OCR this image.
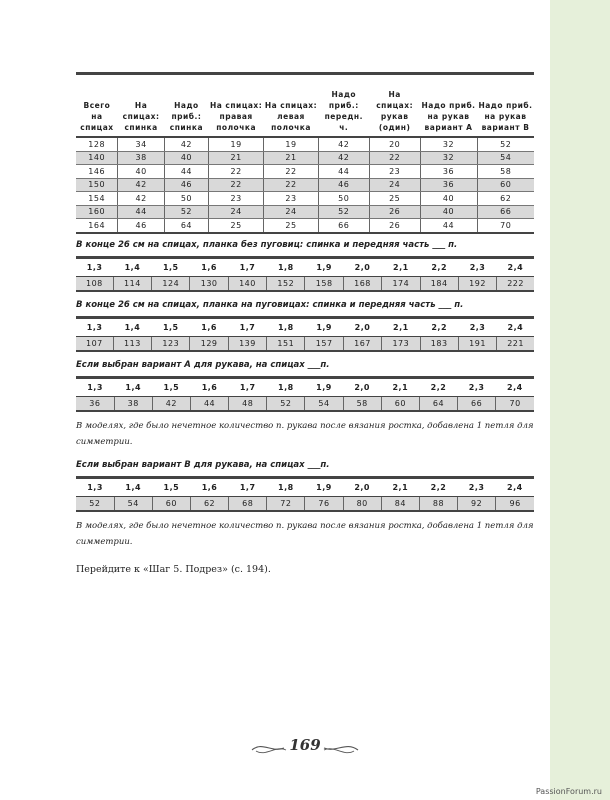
Всего на спицах	На спицах: спинка	Надо приб.: спинка	На спицах: правая полочка	На спицах: левая полочка	Надо приб.: передн. ч.	На спицах: рукав (один)	Надо приб. на рукав вариант А	Надо приб. на рукав вариант В
128	34	42	19	19	42	20	32	52
140	38	40	21	21	42	22	32	54
146	40	44	22	22	44	23	36	58
150	42	46	22	22	46	24	36	60
154	42	50	23	23	50	25	40	62
160	44	52	24	24	52	26	40	66
164	46	64	25	25	66	26	44	70
В конце 26 см на спицах, планка без пуговиц: спинка и передняя часть ___ п.
1,3	1,4	1,5	1,6	1,7	1,8	1,9	2,0	2,1	2,2	2,3	2,4
108	114	124	130	140	152	158	168	174	184	192	222
В конце 26 см на спицах, планка на пуговицах: спинка и передняя часть ___ п.
1,3	1,4	1,5	1,6	1,7	1,8	1,9	2,0	2,1	2,2	2,3	2,4
107	113	123	129	139	151	157	167	173	183	191	221
Если выбран вариант А для рукава, на спицах ___п.
1,3	1,4	1,5	1,6	1,7	1,8	1,9	2,0	2,1	2,2	2,3	2,4
36	38	42	44	48	52	54	58	60	64	66	70
В моделях, где было нечетное количество п. рукава после вязания ростка, добавлена 1 петля для симметрии.
Если выбран вариант В для рукава, на спицах ___п.
1,3	1,4	1,5	1,6	1,7	1,8	1,9	2,0	2,1	2,2	2,3	2,4
52	54	60	62	68	72	76	80	84	88	92	96
В моделях, где было нечетное количество п. рукава после вязания ростка, добавлена 1 петля для симметрии.
Перейдите к «Шаг 5. Подрез» (с. 194).
169
PassionForum.ru
